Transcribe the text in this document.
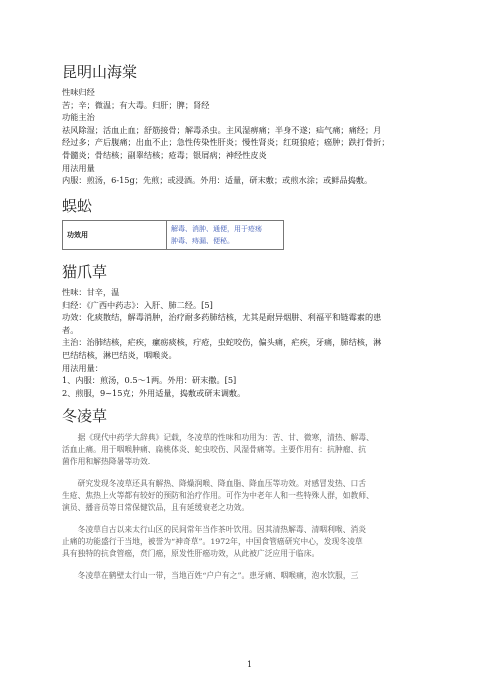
昆明山海棠
性味归经
苦；辛；微温；有大毒。归肝；脾；肾经
功能主治
祛风除湿；活血止血；舒筋接骨；解毒杀虫。主风湿痹痛；半身不遂；疝气痛；痛经；月
经过多；产后腹痛；出血不止；急性传染性肝炎；慢性肾炎；红斑狼疮；癌肿；跌打骨折；
骨髓炎；骨结核；副睾结核；疮毒；银屑病；神经性皮炎
用法用量
内服：煎汤，6-15g；先煎；或浸酒。外用：适量，研末敷；或煎水涂；或鲜品捣敷。
蜈蚣
功效用	
解毒、消肿、通便，用于疮疡
肿毒、痔漏、便秘。
猫爪草
性味：甘辛，温
归经：《广西中药志》：入肝、肺二经。[5]
功效：化痰散结，解毒消肿，治疗耐多药肺结核，尤其是耐异烟肼、利福平和链霉素的患
者。
主治：治肺结核，疟疾，瘰疬痰核，疔疮，虫蛇咬伤，偏头痛，疟疾，牙痛，肺结核，淋
巴结结核，淋巴结炎，咽喉炎。
用法用量：
1、内服：煎汤，0.5～1两。外用：研末撒。[5]
2、煎服，9~15克；外用适量，捣敷或研末调敷。
冬凌草
据《现代中药学大辞典》记载，冬凌草的性味和功用为：苦、甘、微寒，清热、解毒、
活血止痛。用于咽喉肿痛、扁桃体炎、蛇虫咬伤、风湿骨痛等。主要作用有：抗肿瘤、抗
菌作用和解热降暑等功效.
研究发现冬凌草还具有解热、降燥润喉、降血脂、降血压等功效。对感冒发热、口舌
生疮、焦热上火等都有较好的预防和治疗作用。可作为中老年人和一些特殊人群，如教师、
演员、播音员等日常保健饮品，且有延缓衰老之功效。
冬凌草自古以来太行山区的民间常年当作茶叶饮用。因其清热解毒、清咽利喉、消炎
止痛的功能盛行于当地，被誉为“神奇草”。1972年，中国食管癌研究中心，发现冬凌草
具有独特的抗食管癌，贲门癌，原发性肝癌功效，从此被广泛应用于临床。
冬凌草在鹤壁太行山一带，当地百姓“户户有之”。患牙痛、咽喉痛，泡水饮服，三
1
